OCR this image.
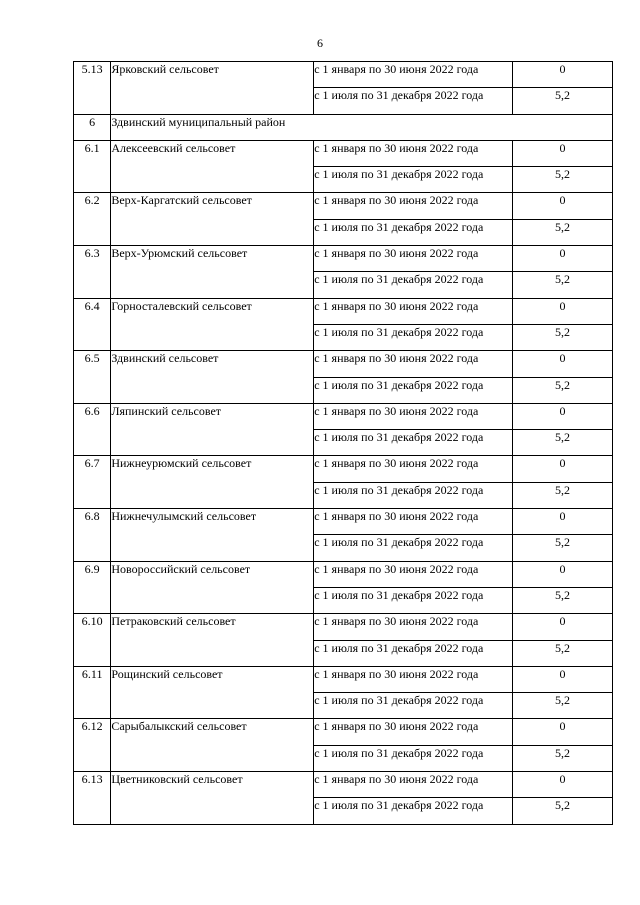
6
5.13	Ярковский сельсовет	с 1 января по 30 июня 2022 года	0
		с 1 июля по 31 декабря 2022 года	5,2
6	Здвинский муниципальный район		
6.1	Алексеевский сельсовет	с 1 января по 30 июня 2022 года	0
		с 1 июля по 31 декабря 2022 года	5,2
6.2	Верх-Каргатский сельсовет	с 1 января по 30 июня 2022 года	0
		с 1 июля по 31 декабря 2022 года	5,2
6.3	Верх-Урюмский сельсовет	с 1 января по 30 июня 2022 года	0
		с 1 июля по 31 декабря 2022 года	5,2
6.4	Горносталевский сельсовет	с 1 января по 30 июня 2022 года	0
		с 1 июля по 31 декабря 2022 года	5,2
6.5	Здвинский сельсовет	с 1 января по 30 июня 2022 года	0
		с 1 июля по 31 декабря 2022 года	5,2
6.6	Ляпинский сельсовет	с 1 января по 30 июня 2022 года	0
		с 1 июля по 31 декабря 2022 года	5,2
6.7	Нижнеурюмский сельсовет	с 1 января по 30 июня 2022 года	0
		с 1 июля по 31 декабря 2022 года	5,2
6.8	Нижнечулымский сельсовет	с 1 января по 30 июня 2022 года	0
		с 1 июля по 31 декабря 2022 года	5,2
6.9	Новороссийский сельсовет	с 1 января по 30 июня 2022 года	0
		с 1 июля по 31 декабря 2022 года	5,2
6.10	Петраковский сельсовет	с 1 января по 30 июня 2022 года	0
		с 1 июля по 31 декабря 2022 года	5,2
6.11	Рощинский сельсовет	с 1 января по 30 июня 2022 года	0
		с 1 июля по 31 декабря 2022 года	5,2
6.12	Сарыбалыкский сельсовет	с 1 января по 30 июня 2022 года	0
		с 1 июля по 31 декабря 2022 года	5,2
6.13	Цветниковский сельсовет	с 1 января по 30 июня 2022 года	0
		с 1 июля по 31 декабря 2022 года	5,2
